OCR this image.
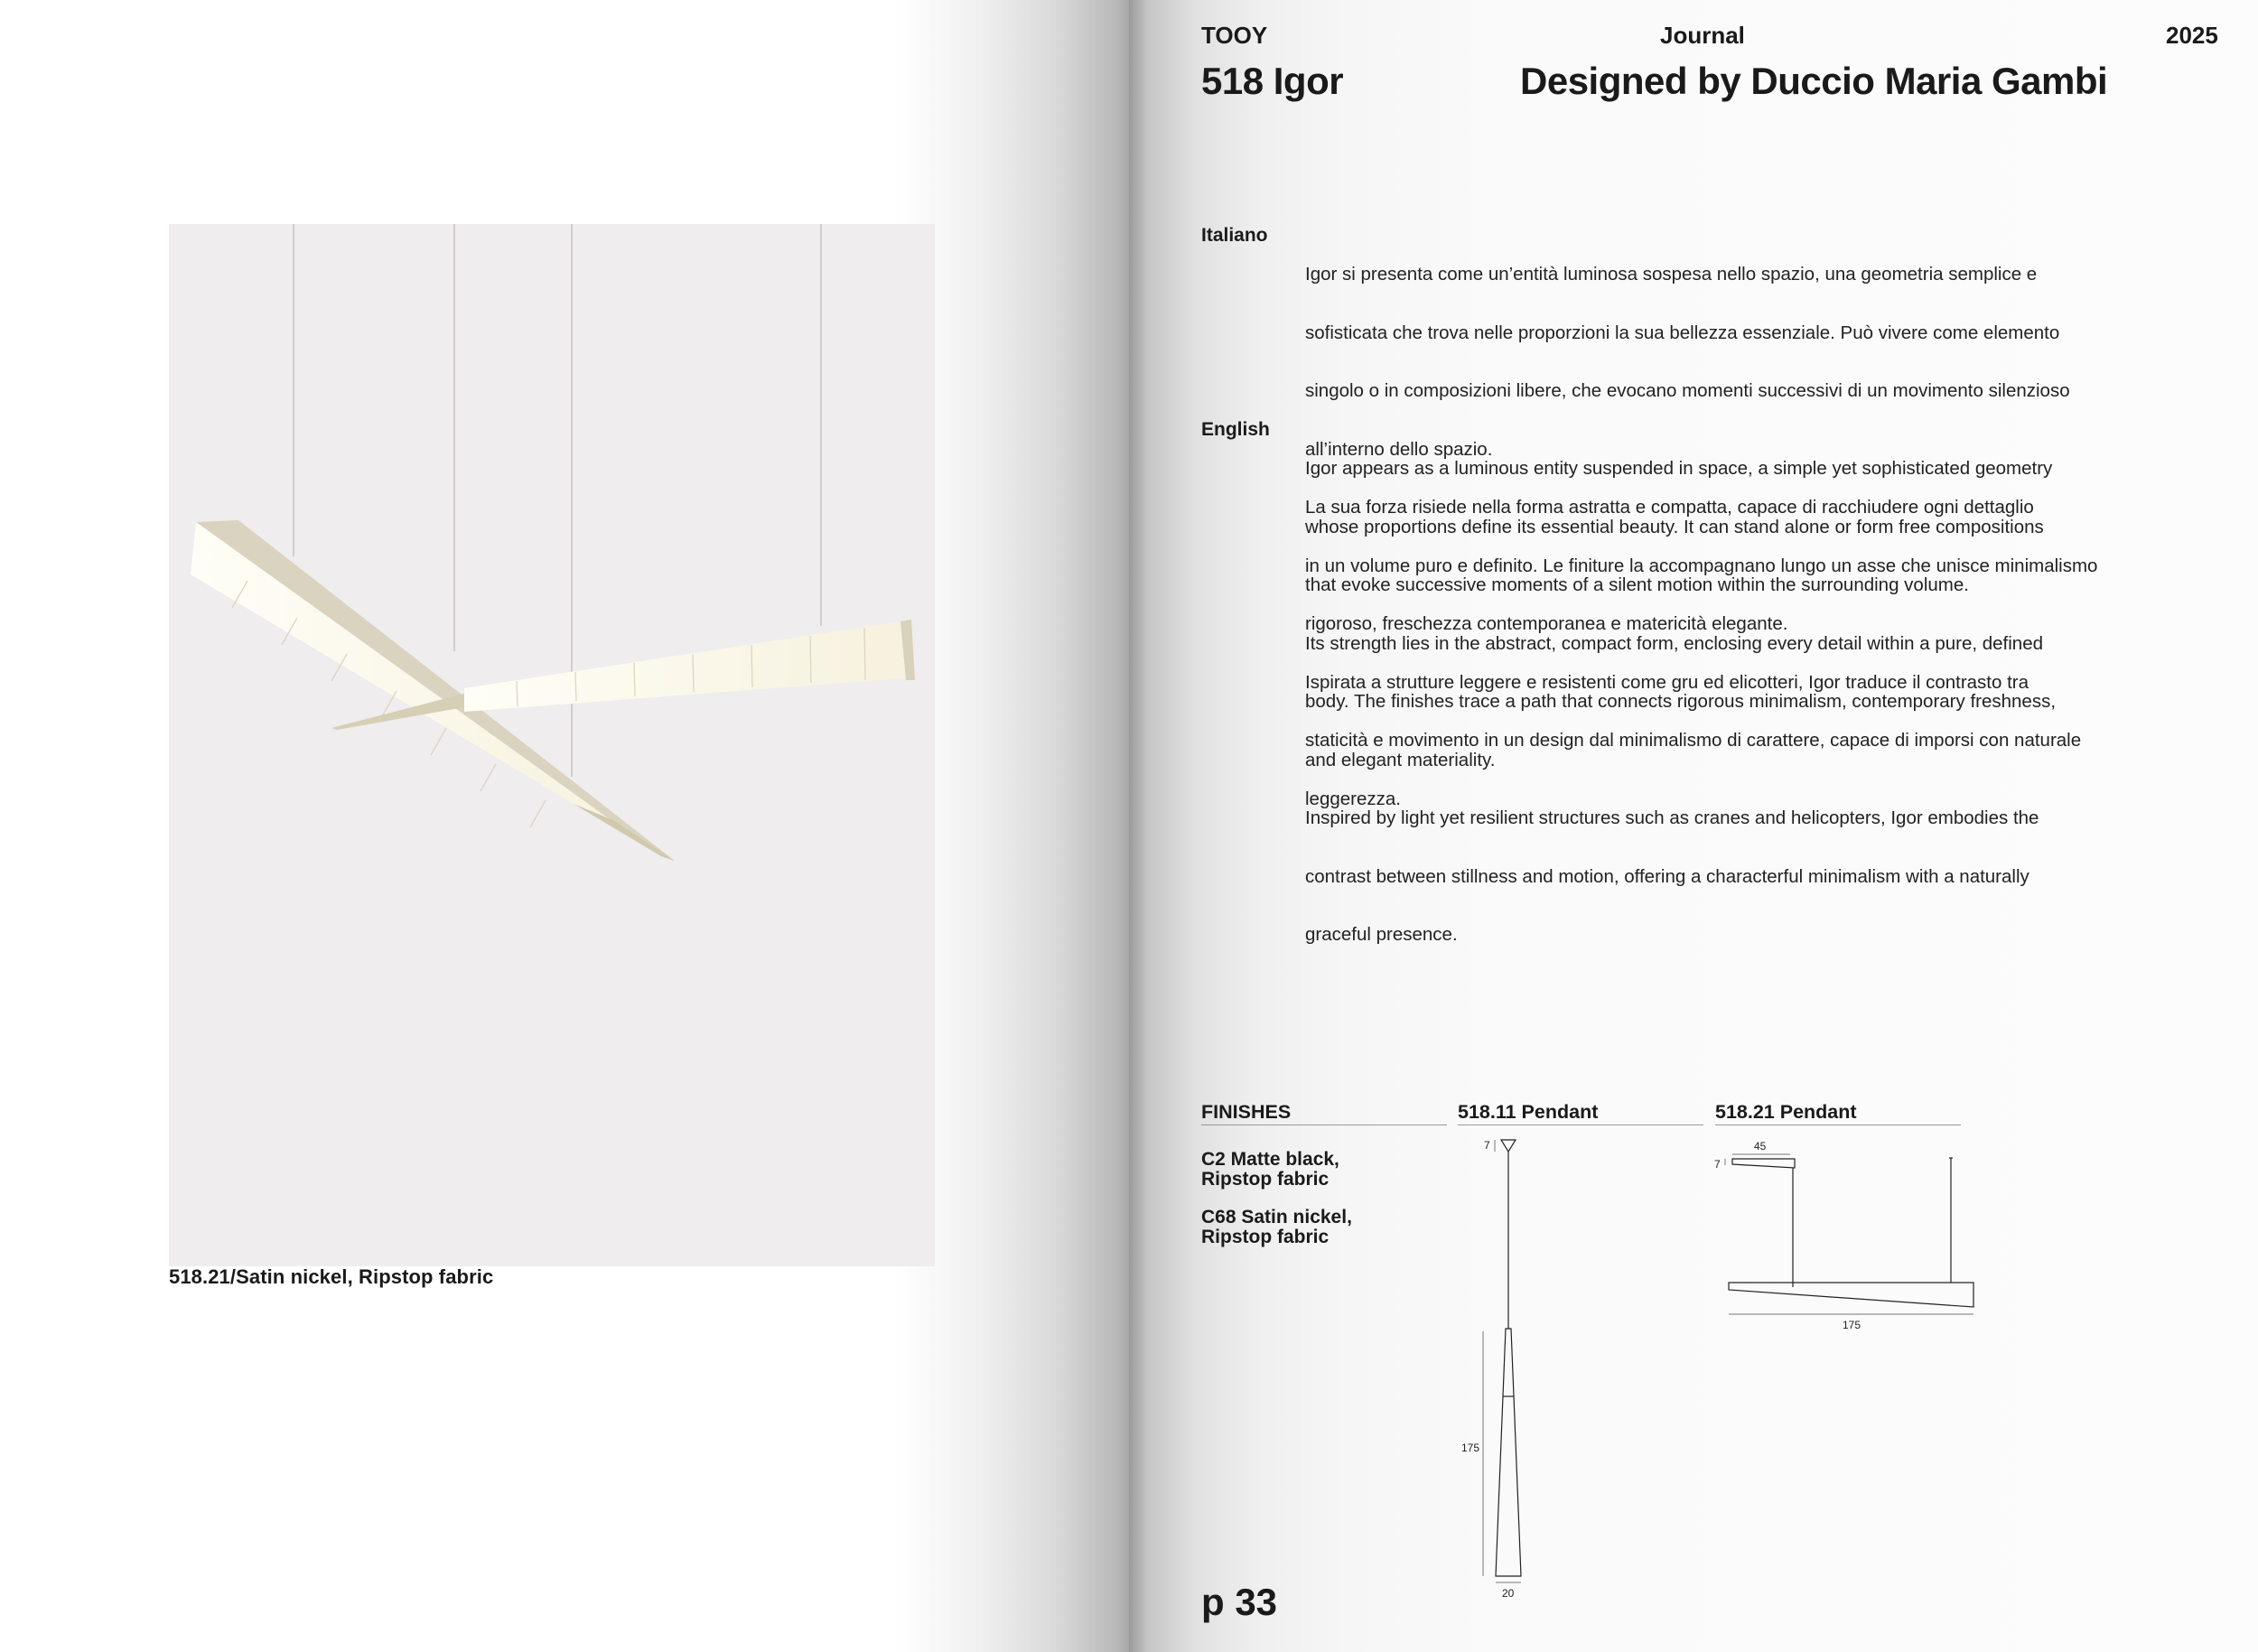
518.21/Satin nickel, Ripstop fabric
TOOY	Journal	2025
518 Igor	Designed by Duccio Maria Gambi
Italiano

Igor si presenta come un’entità luminosa sospesa nello spazio, una geometria semplice e

sofisticata che trova nelle proporzioni la sua bellezza essenziale. Può vivere come elemento

singolo o in composizioni libere, che evocano momenti successivi di un movimento silenzioso

all’interno dello spazio.

La sua forza risiede nella forma astratta e compatta, capace di racchiudere ogni dettaglio

in un volume puro e definito. Le finiture la accompagnano lungo un asse che unisce minimalismo

rigoroso, freschezza contemporanea e matericità elegante.

Ispirata a strutture leggere e resistenti come gru ed elicotteri, Igor traduce il contrasto tra

staticità e movimento in un design dal minimalismo di carattere, capace di imporsi con naturale

leggerezza.

English

Igor appears as a luminous entity suspended in space, a simple yet sophisticated geometry

whose proportions define its essential beauty. It can stand alone or form free compositions

that evoke successive moments of a silent motion within the surrounding volume.

Its strength lies in the abstract, compact form, enclosing every detail within a pure, defined

body. The finishes trace a path that connects rigorous minimalism, contemporary freshness,

and elegant materiality.

Inspired by light yet resilient structures such as cranes and helicopters, Igor embodies the

contrast between stillness and motion, offering a characterful minimalism with a naturally

graceful presence.

FINISHES	518.11 Pendant	518.21 Pendant
C2 Matte black,
Ripstop fabric
C68 Satin nickel,
Ripstop fabric
7
175
20
45
7
175
p 33
